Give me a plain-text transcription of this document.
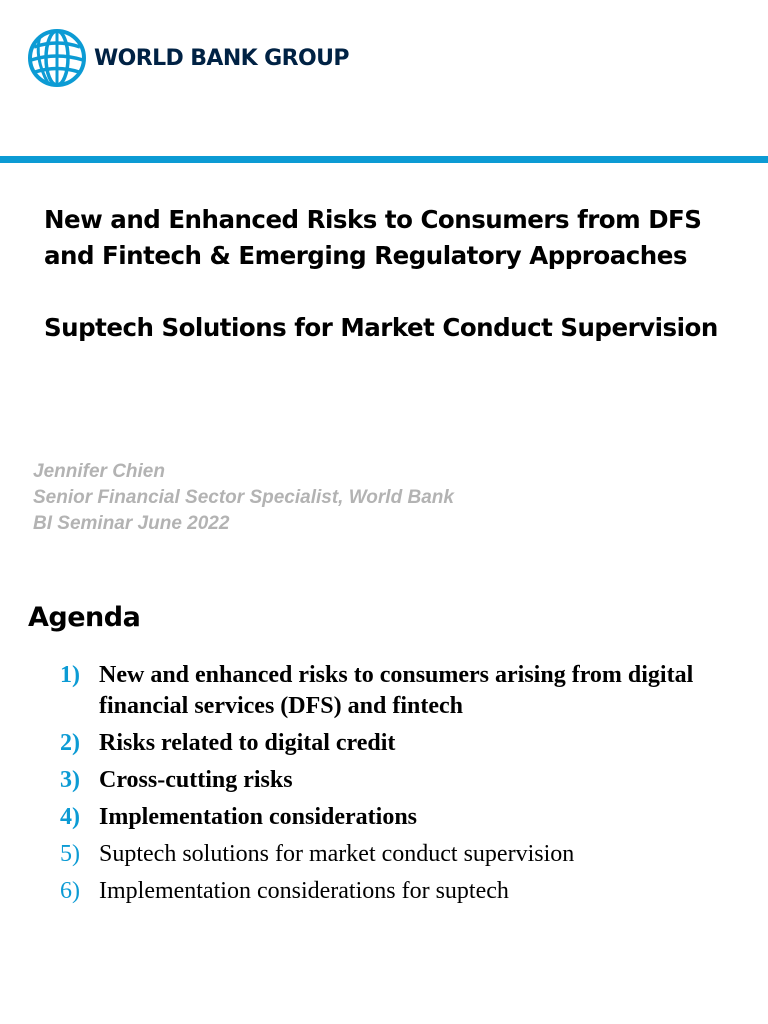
WORLD BANK GROUP
New and Enhanced Risks to Consumers from DFS
and Fintech & Emerging Regulatory Approaches
Suptech Solutions for Market Conduct Supervision
Jennifer Chien
Senior Financial Sector Specialist, World Bank
BI Seminar June 2022
Agenda
1) New and enhanced risks to consumers arising from digital financial services (DFS) and fintech
2) Risks related to digital credit
3) Cross-cutting risks
4) Implementation considerations
5) Suptech solutions for market conduct supervision
6) Implementation considerations for suptech
